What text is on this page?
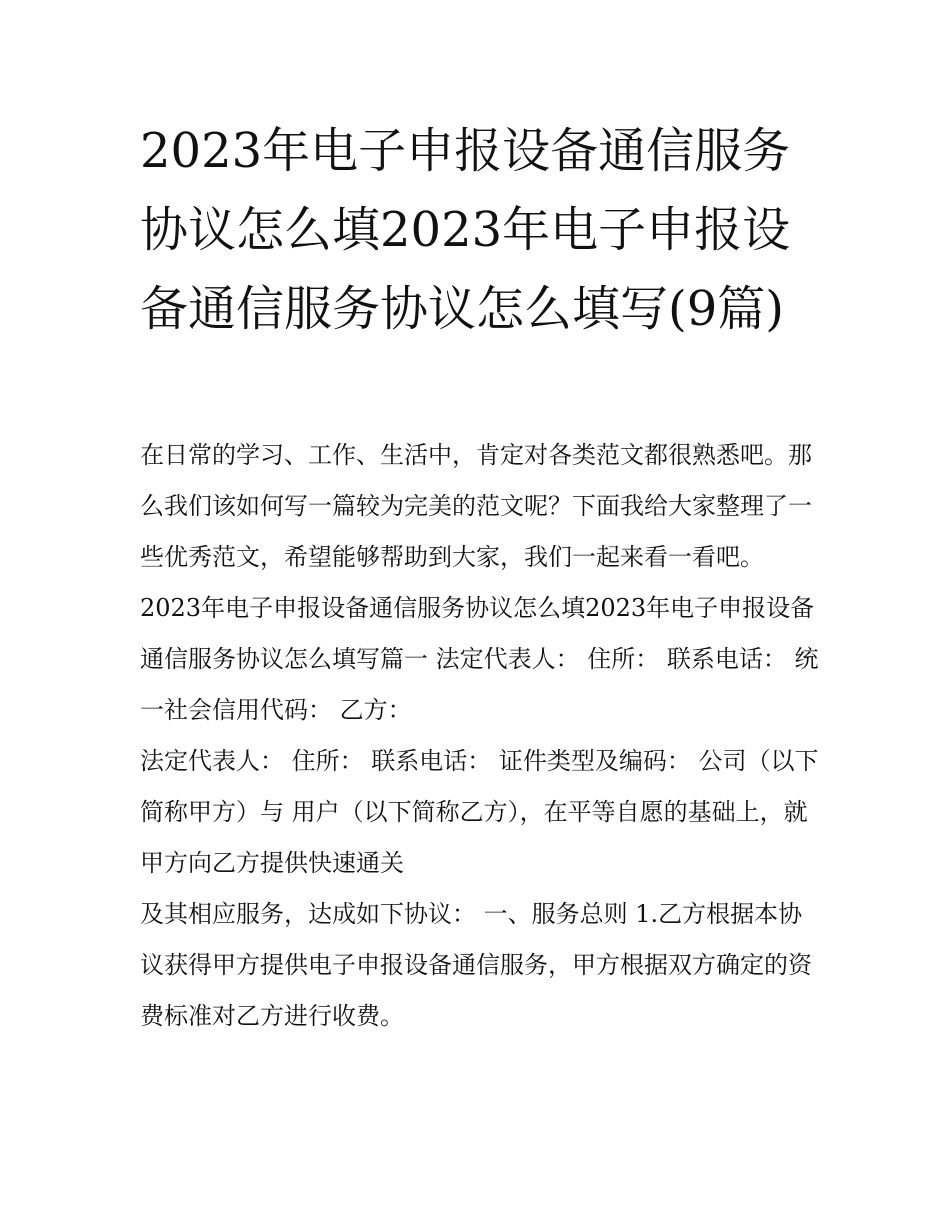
2023年电子申报设备通信服务协议怎么填2023年电子申报设备通信服务协议怎么填写(9篇)

在日常的学习、工作、生活中，肯定对各类范文都很熟悉吧。那么我们该如何写一篇较为完美的范文呢？下面我给大家整理了一些优秀范文，希望能够帮助到大家，我们一起来看一看吧。

2023年电子申报设备通信服务协议怎么填2023年电子申报设备通信服务协议怎么填写篇一 法定代表人： 住所： 联系电话： 统一社会信用代码： 乙方：

法定代表人： 住所： 联系电话： 证件类型及编码： 公司（以下简称甲方）与 用户（以下简称乙方），在平等自愿的基础上，就甲方向乙方提供快速通关

及其相应服务，达成如下协议： 一、服务总则 1.乙方根据本协议获得甲方提供电子申报设备通信服务，甲方根据双方确定的资费标准对乙方进行收费。
